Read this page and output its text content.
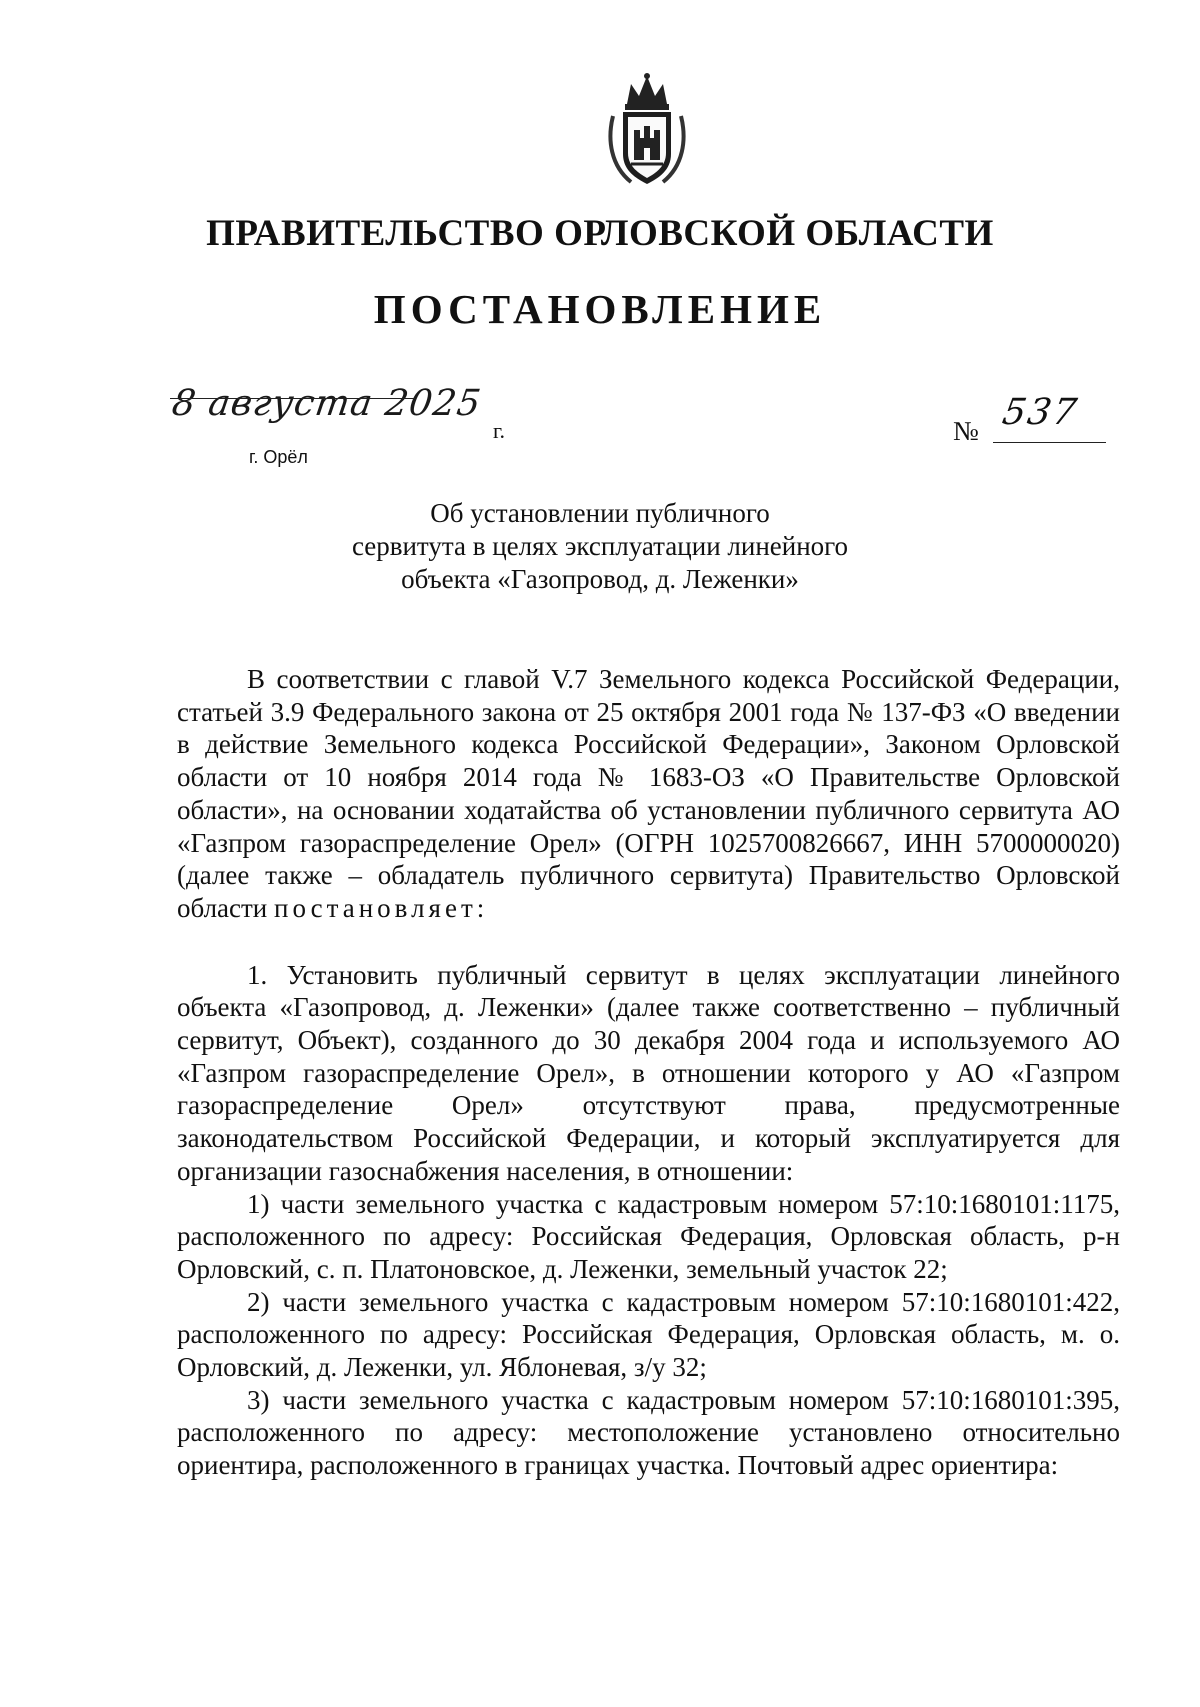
ПРАВИТЕЛЬСТВО ОРЛОВСКОЙ ОБЛАСТИ
ПОСТАНОВЛЕНИЕ
8 августа 2025
г.
г. Орёл
№ 537
Об установлении публичного
сервитута в целях эксплуатации линейного
объекта «Газопровод, д. Леженки»

В соответствии с главой V.7 Земельного кодекса Российской Федерации, статьей 3.9 Федерального закона от 25 октября 2001 года № 137-ФЗ «О введении в действие Земельного кодекса Российской Федерации», Законом Орловской области от 10 ноября 2014 года № 1683-ОЗ «О Правительстве Орловской области», на основании ходатайства об установлении публичного сервитута АО «Газпром газораспределение Орел» (ОГРН 1025700826667, ИНН 5700000020) (далее также – обладатель публичного сервитута) Правительство Орловской области постановляет:

1. Установить публичный сервитут в целях эксплуатации линейного объекта «Газопровод, д. Леженки» (далее также соответственно – публичный сервитут, Объект), созданного до 30 декабря 2004 года и используемого АО «Газпром газораспределение Орел», в отношении которого у АО «Газпром газораспределение Орел» отсутствуют права, предусмотренные законодательством Российской Федерации, и который эксплуатируется для организации газоснабжения населения, в отношении:

1) части земельного участка с кадастровым номером 57:10:1680101:1175, расположенного по адресу: Российская Федерация, Орловская область, р-н Орловский, с. п. Платоновское, д. Леженки, земельный участок 22;

2) части земельного участка с кадастровым номером 57:10:1680101:422, расположенного по адресу: Российская Федерация, Орловская область, м. о. Орловский, д. Леженки, ул. Яблоневая, з/у 32;

3) части земельного участка с кадастровым номером 57:10:1680101:395, расположенного по адресу: местоположение установлено относительно ориентира, расположенного в границах участка. Почтовый адрес ориентира:
